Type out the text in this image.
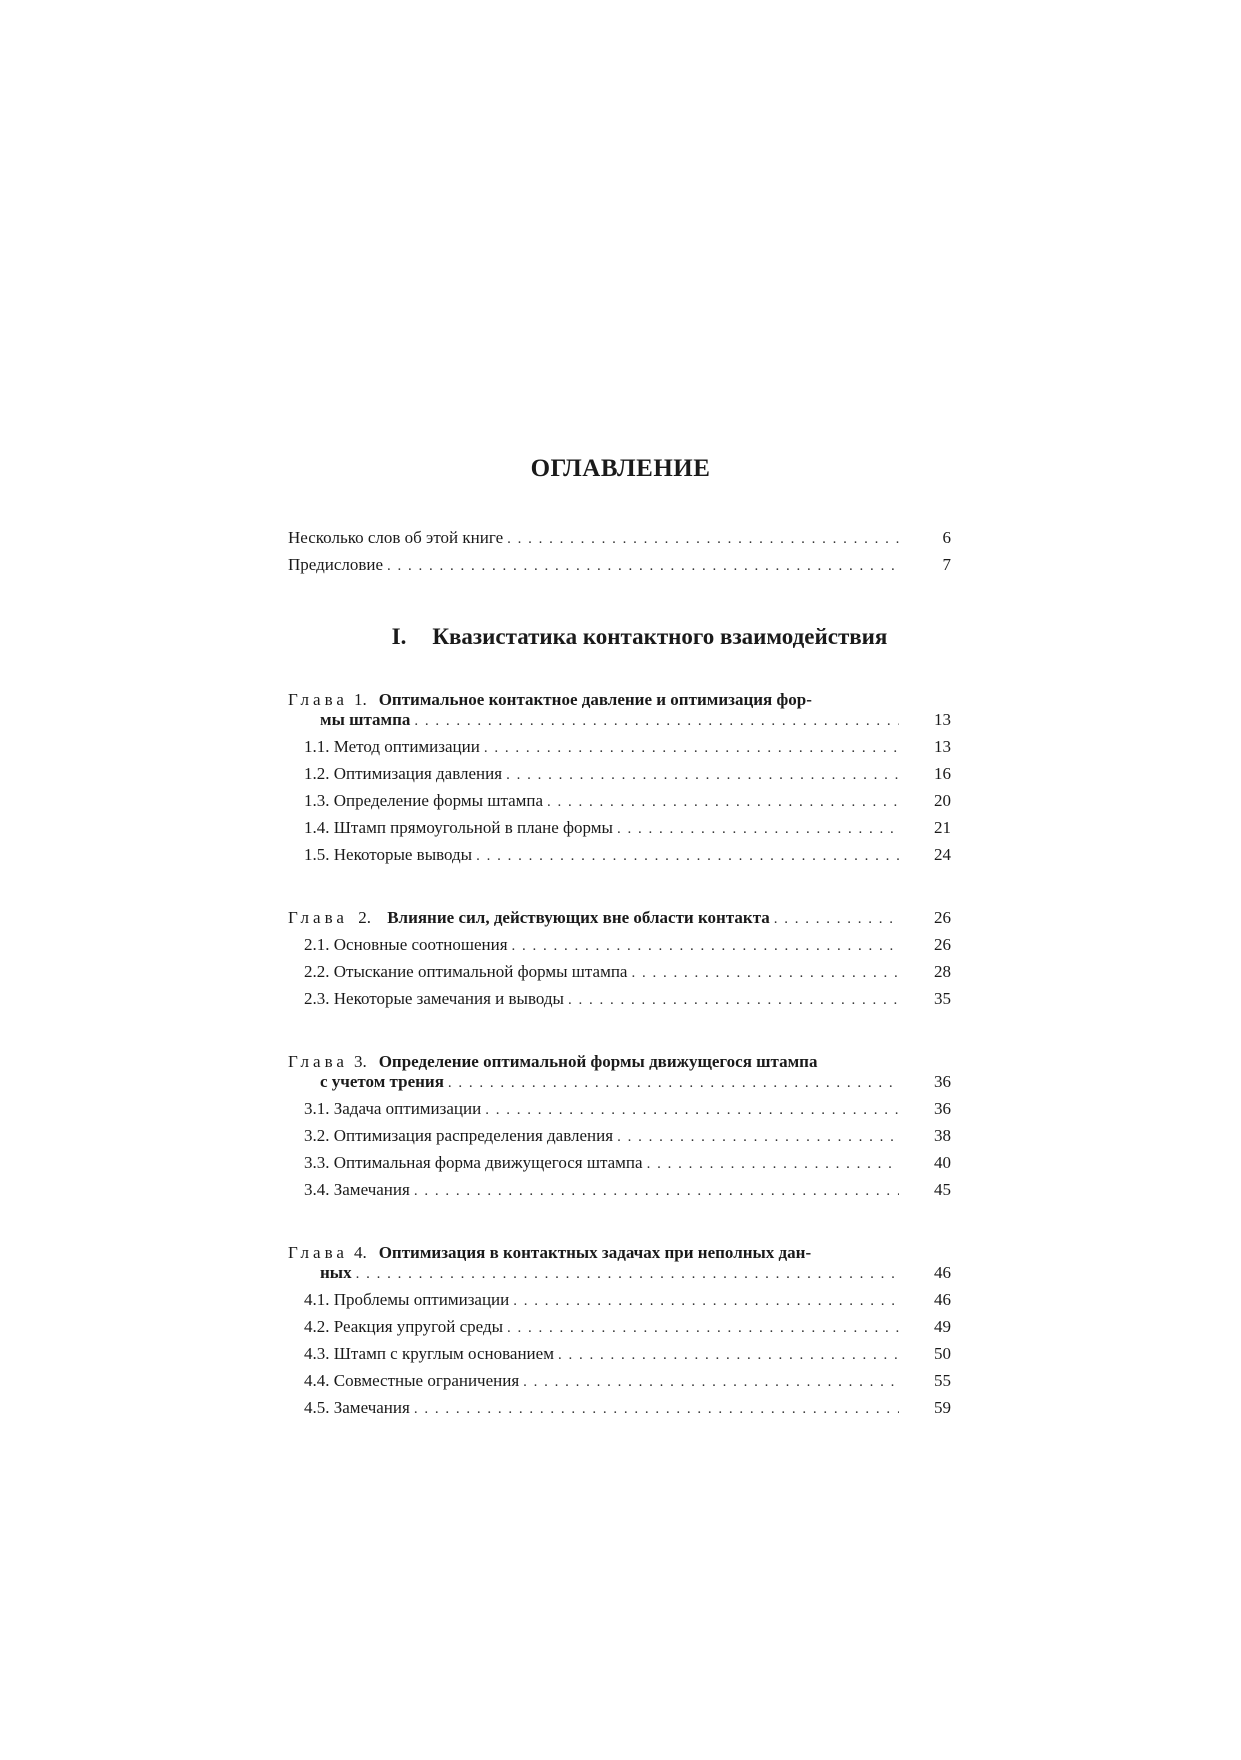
ОГЛАВЛЕНИЕ
Несколько слов об этой книге . . .	6
Предисловие . . .	7
I. Квазистатика контактного взаимодействия
Глава 1. Оптимальное контактное давление и оптимизация фор-
мы штампа . . .	13
1.1. Метод оптимизации . . .	13
1.2. Оптимизация давления . . .	16
1.3. Определение формы штампа . . .	20
1.4. Штамп прямоугольной в плане формы . . .	21
1.5. Некоторые выводы . . .	24
Глава 2. Влияние сил, действующих вне области контакта . . .	26
2.1. Основные соотношения . . .	26
2.2. Отыскание оптимальной формы штампа . . .	28
2.3. Некоторые замечания и выводы . . .	35
Глава 3. Определение оптимальной формы движущегося штампа
с учетом трения . . .	36
3.1. Задача оптимизации . . .	36
3.2. Оптимизация распределения давления . . .	38
3.3. Оптимальная форма движущегося штампа . . .	40
3.4. Замечания . . .	45
Глава 4. Оптимизация в контактных задачах при неполных дан-
ных . . .	46
4.1. Проблемы оптимизации . . .	46
4.2. Реакция упругой среды . . .	49
4.3. Штамп с круглым основанием . . .	50
4.4. Совместные ограничения . . .	55
4.5. Замечания . . .	59
